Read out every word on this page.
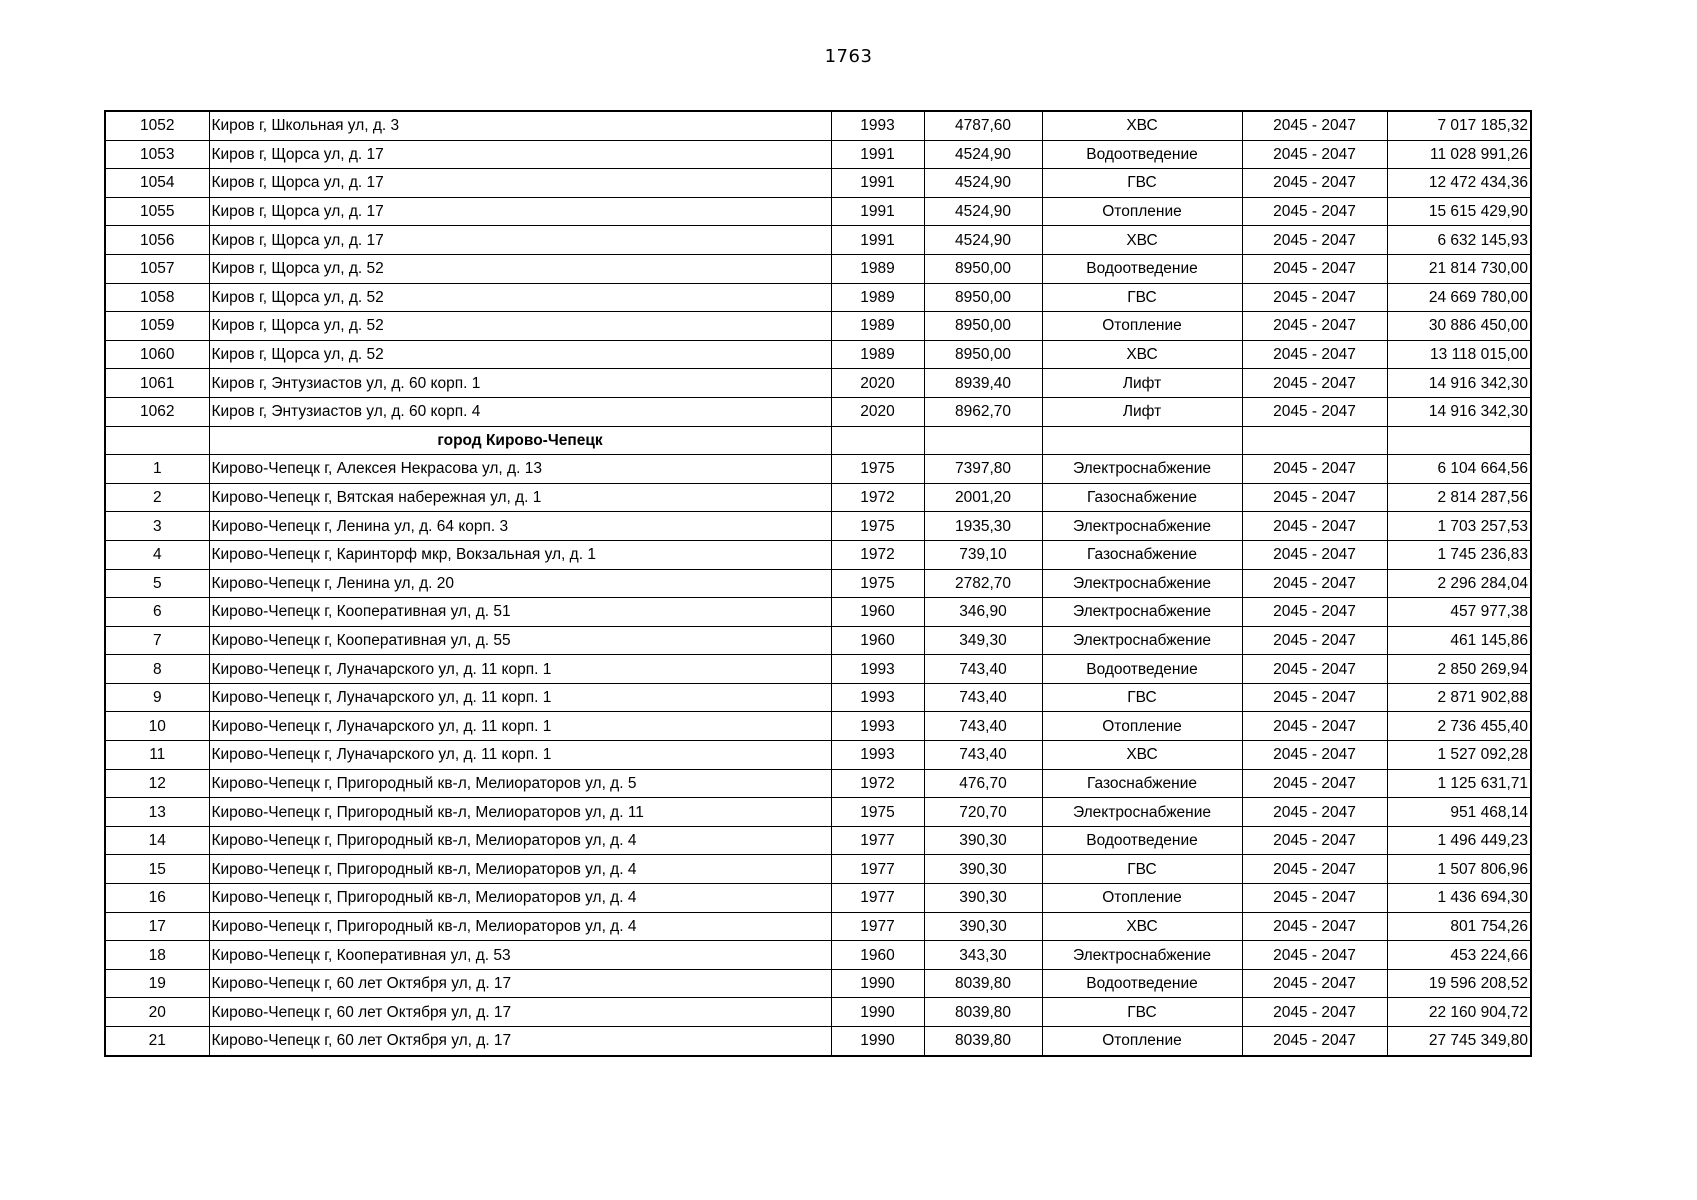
1763
1052	Киров г, Школьная ул, д. 3	1993	4787,60	ХВС	2045 - 2047	7 017 185,32
1053	Киров г, Щорса ул, д. 17	1991	4524,90	Водоотведение	2045 - 2047	11 028 991,26
1054	Киров г, Щорса ул, д. 17	1991	4524,90	ГВС	2045 - 2047	12 472 434,36
1055	Киров г, Щорса ул, д. 17	1991	4524,90	Отопление	2045 - 2047	15 615 429,90
1056	Киров г, Щорса ул, д. 17	1991	4524,90	ХВС	2045 - 2047	6 632 145,93
1057	Киров г, Щорса ул, д. 52	1989	8950,00	Водоотведение	2045 - 2047	21 814 730,00
1058	Киров г, Щорса ул, д. 52	1989	8950,00	ГВС	2045 - 2047	24 669 780,00
1059	Киров г, Щорса ул, д. 52	1989	8950,00	Отопление	2045 - 2047	30 886 450,00
1060	Киров г, Щорса ул, д. 52	1989	8950,00	ХВС	2045 - 2047	13 118 015,00
1061	Киров г, Энтузиастов ул, д. 60 корп. 1	2020	8939,40	Лифт	2045 - 2047	14 916 342,30
1062	Киров г, Энтузиастов ул, д. 60 корп. 4	2020	8962,70	Лифт	2045 - 2047	14 916 342,30
	город Кирово-Чепецк					
1	Кирово-Чепецк г, Алексея Некрасова ул, д. 13	1975	7397,80	Электроснабжение	2045 - 2047	6 104 664,56
2	Кирово-Чепецк г, Вятская набережная ул, д. 1	1972	2001,20	Газоснабжение	2045 - 2047	2 814 287,56
3	Кирово-Чепецк г, Ленина ул, д. 64 корп. 3	1975	1935,30	Электроснабжение	2045 - 2047	1 703 257,53
4	Кирово-Чепецк г, Каринторф мкр, Вокзальная ул, д. 1	1972	739,10	Газоснабжение	2045 - 2047	1 745 236,83
5	Кирово-Чепецк г, Ленина ул, д. 20	1975	2782,70	Электроснабжение	2045 - 2047	2 296 284,04
6	Кирово-Чепецк г, Кооперативная ул, д. 51	1960	346,90	Электроснабжение	2045 - 2047	457 977,38
7	Кирово-Чепецк г, Кооперативная ул, д. 55	1960	349,30	Электроснабжение	2045 - 2047	461 145,86
8	Кирово-Чепецк г, Луначарского ул, д. 11 корп. 1	1993	743,40	Водоотведение	2045 - 2047	2 850 269,94
9	Кирово-Чепецк г, Луначарского ул, д. 11 корп. 1	1993	743,40	ГВС	2045 - 2047	2 871 902,88
10	Кирово-Чепецк г, Луначарского ул, д. 11 корп. 1	1993	743,40	Отопление	2045 - 2047	2 736 455,40
11	Кирово-Чепецк г, Луначарского ул, д. 11 корп. 1	1993	743,40	ХВС	2045 - 2047	1 527 092,28
12	Кирово-Чепецк г, Пригородный кв-л, Мелиораторов ул, д. 5	1972	476,70	Газоснабжение	2045 - 2047	1 125 631,71
13	Кирово-Чепецк г, Пригородный кв-л, Мелиораторов ул, д. 11	1975	720,70	Электроснабжение	2045 - 2047	951 468,14
14	Кирово-Чепецк г, Пригородный кв-л, Мелиораторов ул, д. 4	1977	390,30	Водоотведение	2045 - 2047	1 496 449,23
15	Кирово-Чепецк г, Пригородный кв-л, Мелиораторов ул, д. 4	1977	390,30	ГВС	2045 - 2047	1 507 806,96
16	Кирово-Чепецк г, Пригородный кв-л, Мелиораторов ул, д. 4	1977	390,30	Отопление	2045 - 2047	1 436 694,30
17	Кирово-Чепецк г, Пригородный кв-л, Мелиораторов ул, д. 4	1977	390,30	ХВС	2045 - 2047	801 754,26
18	Кирово-Чепецк г, Кооперативная ул, д. 53	1960	343,30	Электроснабжение	2045 - 2047	453 224,66
19	Кирово-Чепецк г, 60 лет Октября ул, д. 17	1990	8039,80	Водоотведение	2045 - 2047	19 596 208,52
20	Кирово-Чепецк г, 60 лет Октября ул, д. 17	1990	8039,80	ГВС	2045 - 2047	22 160 904,72
21	Кирово-Чепецк г, 60 лет Октября ул, д. 17	1990	8039,80	Отопление	2045 - 2047	27 745 349,80
